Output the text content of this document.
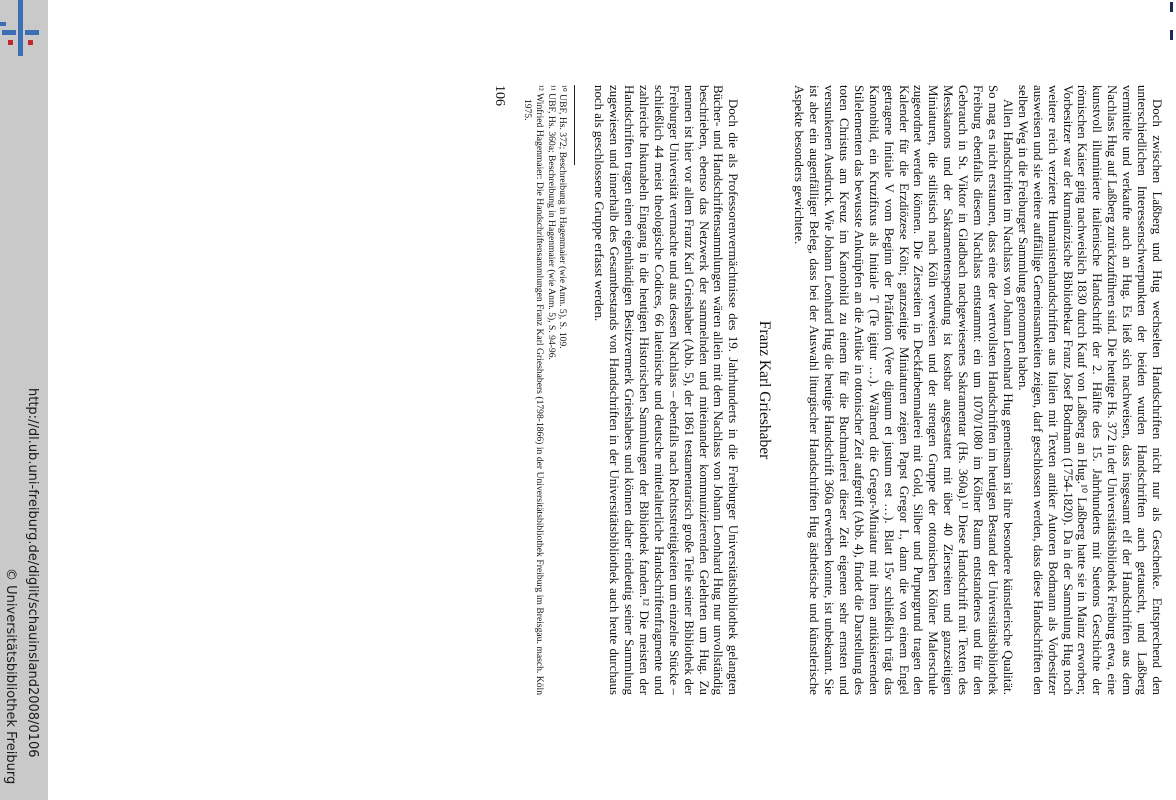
http://dl.ub.uni-freiburg.de/diglit/schauinsland2008/0106
© Universitätsbibliothek Freiburg	Doch zwischen Laßberg und Hug wechselten Handschriften nicht nur als Geschenke. Entsprechend den unterschiedlichen Interessenschwerpunkten der beiden wurden Handschriften auch getauscht, und Laßberg vermittelte und verkaufte auch an Hug. Es ließ sich nachweisen, dass insgesamt elf der Handschriften aus dem Nachlass Hug auf Laßberg zurückzuführen sind. Die heutige Hs. 372 in der Universitätsbibliothek Freiburg etwa, eine kunstvoll illuminierte italienische Handschrift der 2. Hälfte des 15. Jahrhunderts mit Suetons Geschichte der römischen Kaiser ging nachweislich 1830 durch Kauf von Laßberg an Hug.¹⁰ Laßberg hatte sie in Mainz erworben; Vorbesitzer war der kurmainzische Bibliothekar Franz Josef Bodmann (1754-1820). Da in der Sammlung Hug noch weitere reich verzierte Humanistenhandschriften aus Italien mit Texten antiker Autoren Bodmann als Vorbesitzer ausweisen und sie weitere auffällige Gemeinsamkeiten zeigen, darf geschlossen werden, dass diese Handschriften den selben Weg in die Freiburger Sammlung genommen haben.

Allen Handschriften im Nachlass von Johann Leonhard Hug gemeinsam ist ihre besondere künstlerische Qualität. So mag es nicht erstaunen, dass eine der wertvollsten Handschriften im heutigen Bestand der Universitätsbibliothek Freiburg ebenfalls diesem Nachlass entstammt: ein um 1070/1080 im Kölner Raum entstandenes und für den Gebrauch in St. Viktor in Gladbach nachgewiesenes Sakramentar (Hs. 360a).¹¹ Diese Handschrift mit Texten des Messkanons und der Sakramentenspendung ist kostbar ausgestattet mit über 40 Zierseiten und ganzseitigen Miniaturen, die stilistisch nach Köln verweisen und der strengen Gruppe der ottonischen Kölner Malerschule zugeordnet werden können. Die Zierseiten in Deckfarbenmalerei mit Gold, Silber und Purpurgrund tragen den Kalender für die Erzdiözese Köln; ganzseitige Miniaturen zeigen Papst Gregor I., dann die von einem Engel getragene Initiale V vom Beginn der Präfation (Vere dignum et justum est …). Blatt 15v schließlich trägt das Kanonbild, ein Kruzifixus als Initiale T (Te igitur …). Während die Gregor-Miniatur mit ihren antikisierenden Stilelementen das bewusste Anknüpfen an die Antike in ottonischer Zeit aufgreift (Abb. 4), findet die Darstellung des toten Christus am Kreuz im Kanonbild zu einem für die Buchmalerei dieser Zeit eigenen sehr ernsten und versunkenen Ausdruck. Wie Johann Leonhard Hug die heutige Handschrift 360a erwerben konnte, ist unbekannt. Sie ist aber ein augenfälliger Beleg, dass bei der Auswahl liturgischer Handschriften Hug ästhetische und künstlerische Aspekte besonders gewichtete.

Franz Karl Grieshaber

Doch die als Professorenvermächtnisse des 19. Jahrhunderts in die Freiburger Universitätsbibliothek gelangten Bücher- und Handschriftensammlungen wären allein mit dem Nachlass von Johann Leonhard Hug nur unvollständig beschrieben, ebenso das Netzwerk der sammelnden und miteinander kommunizierenden Gelehrten um Hug. Zu nennen ist hier vor allem Franz Karl Grieshaber (Abb. 5), der 1861 testamentarisch große Teile seiner Bibliothek der Freiburger Universität vermachte und aus dessen Nachlass – ebenfalls nach Rechtsstreitigkeiten um einzelne Stücke – schließlich 44 meist theologische Codices, 66 lateinische und deutsche mittelalterliche Handschriftenfragmente und zahlreiche Inkunabeln Eingang in die heutigen Historischen Sammlungen der Bibliothek fanden.¹² Die meisten der Handschriften tragen einen eigenhändigen Besitzvermerk Grieshabers und können daher eindeutig seiner Sammlung zugewiesen und innerhalb des Gesamtbestands von Handschriften in der Universitätsbibliothek auch heute durchaus noch als geschlossene Gruppe erfasst werden.

¹⁰ UBF, Hs. 372; Beschreibung in Hagenmaier (wie Anm. 5), S. 109.

¹¹ UBF, Hs. 360a; Beschreibung in Hagenmaier (wie Anm. 5), S. 94-96.

¹² Winfried Hagenmaier: Die Handschriftensammlungen Franz Karl Grieshabers (1798-1866) in der Universitätsbibliothek Freiburg im Breisgau. masch. Köln 1975.

106
